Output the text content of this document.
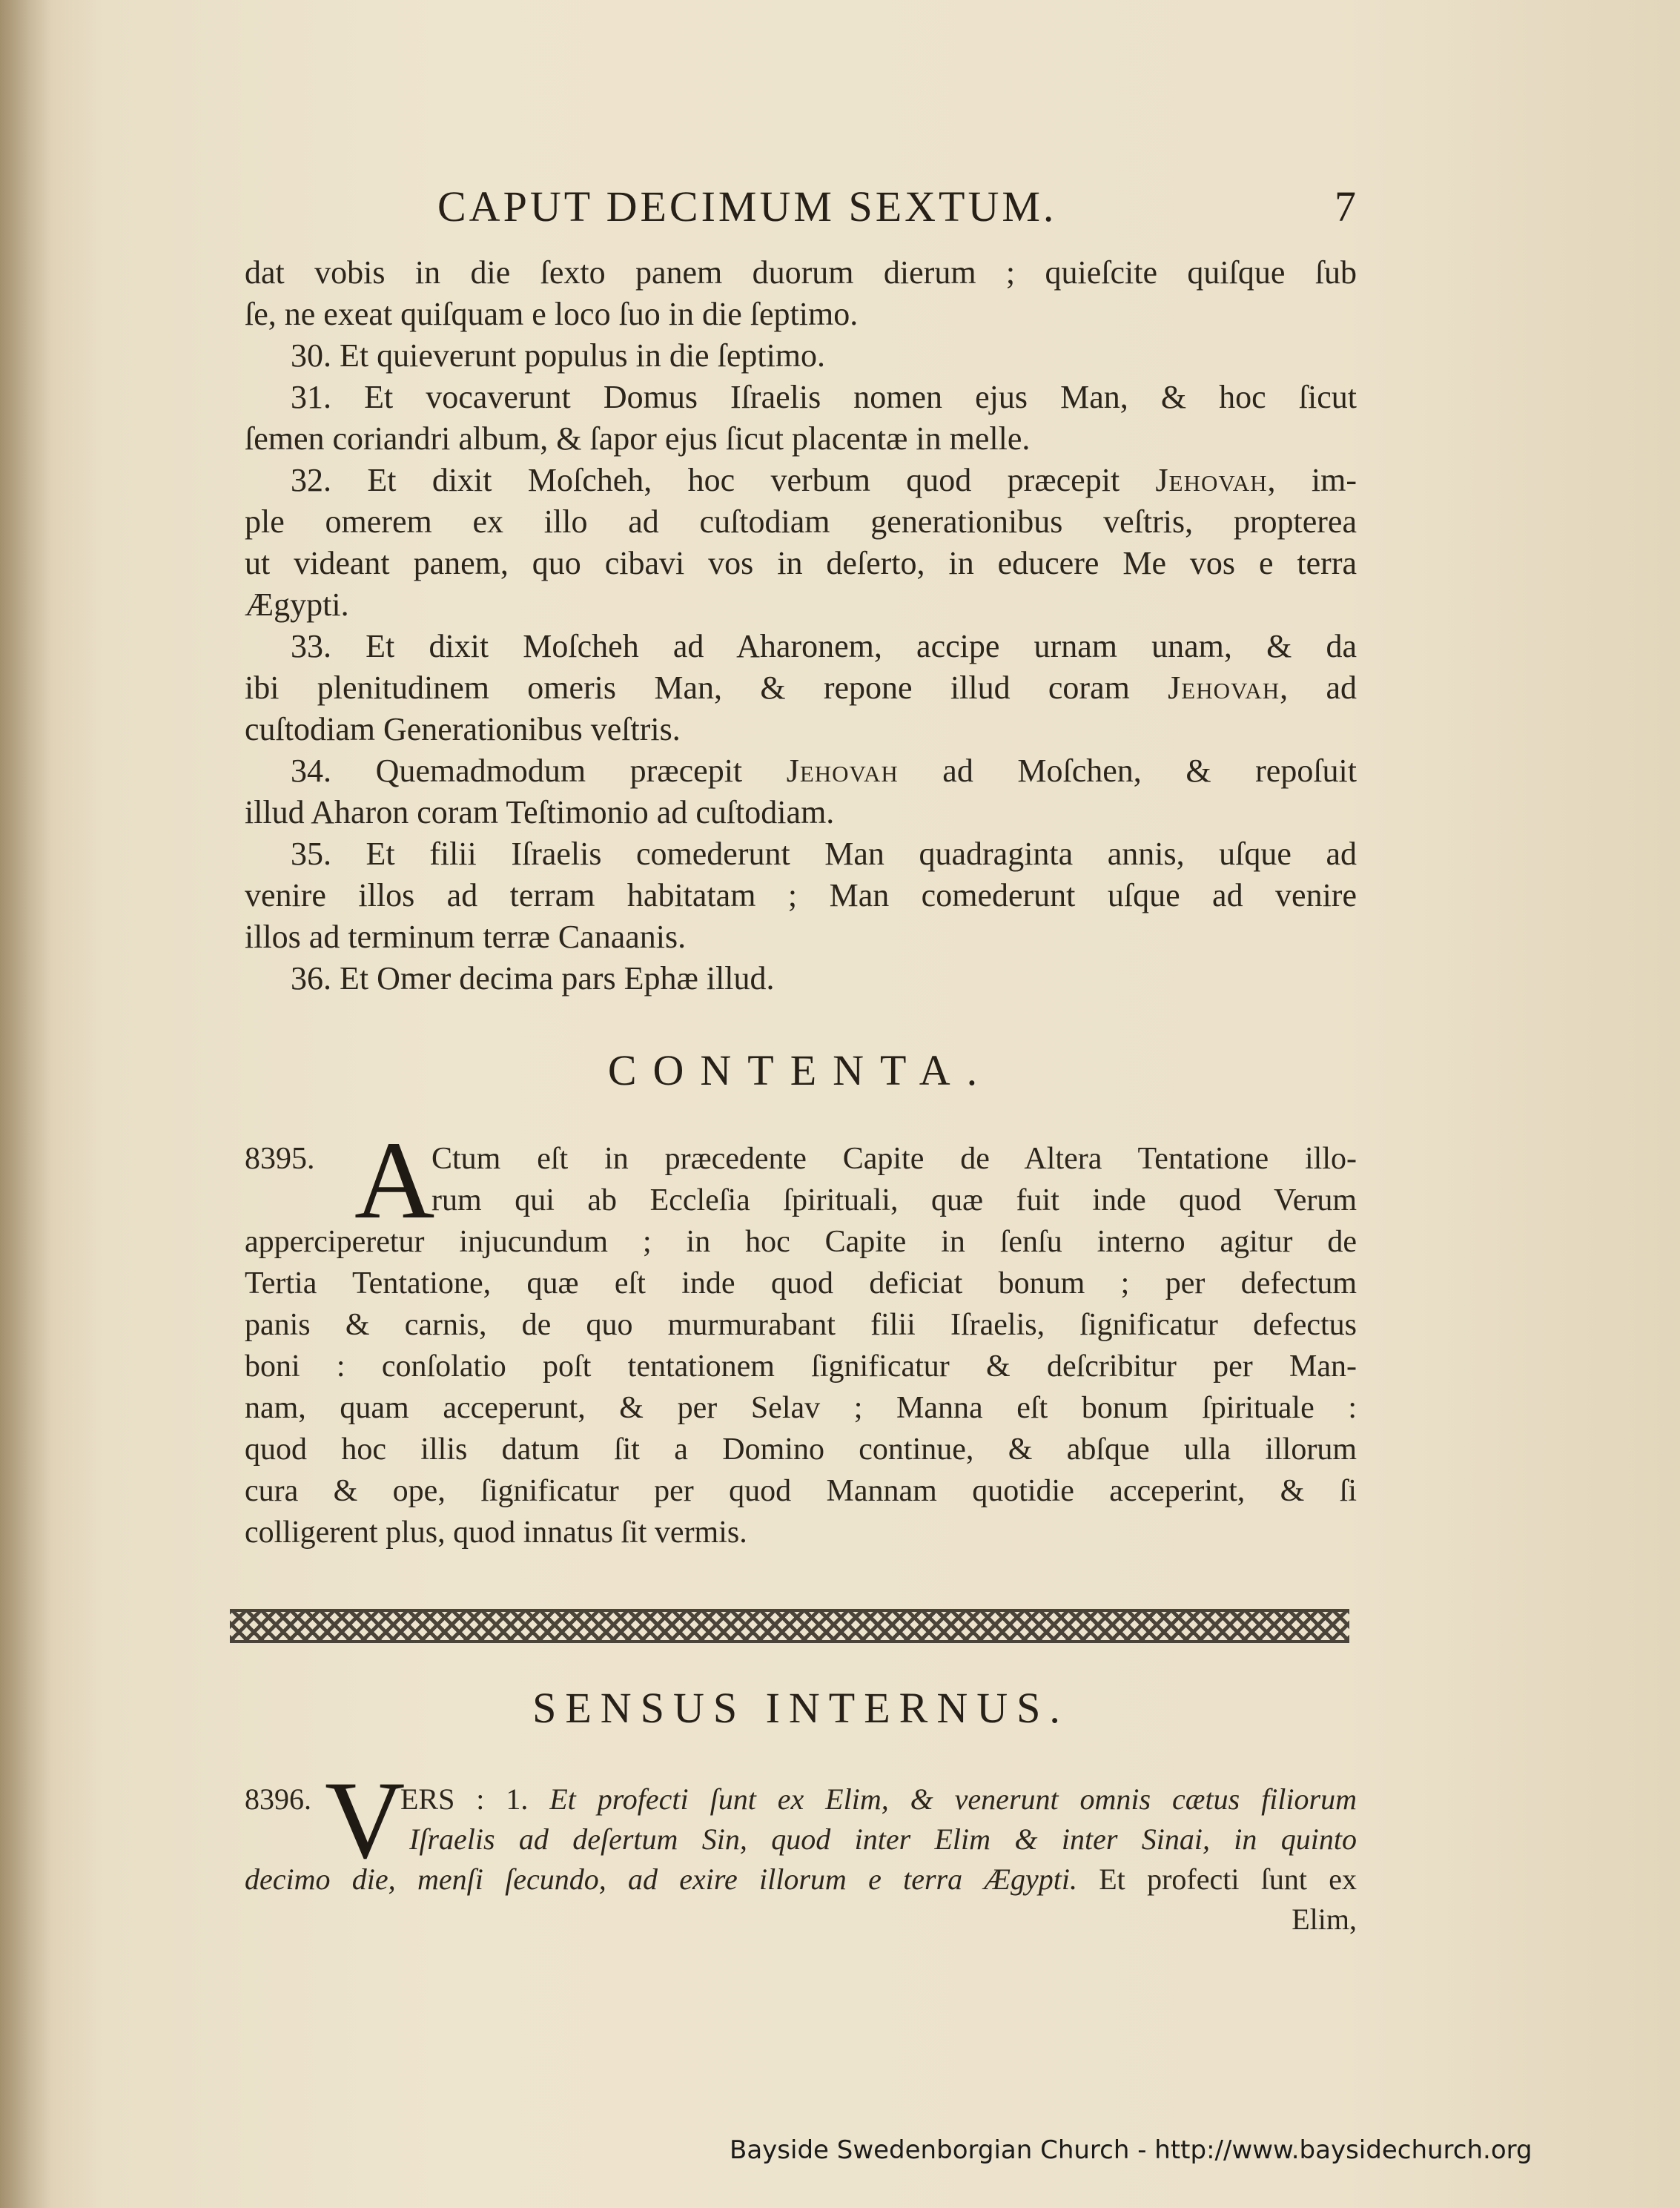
CAPUT DECIMUM SEXTUM.	7
dat vobis in die ſexto panem duorum dierum ; quieſcite quiſque ſub
ſe, ne exeat quiſquam e loco ſuo in die ſeptimo.
30. Et quieverunt populus in die ſeptimo.
31. Et vocaverunt Domus Iſraelis nomen ejus Man, & hoc ſicut
ſemen coriandri album, & ſapor ejus ſicut placentæ in melle.
32. Et dixit Moſcheh, hoc verbum quod præcepit Jehovah, im-
ple omerem ex illo ad cuſtodiam generationibus veſtris, propterea
ut videant panem, quo cibavi vos in deſerto, in educere Me vos e terra
Ægypti.
33. Et dixit Moſcheh ad Aharonem, accipe urnam unam, & da
ibi plenitudinem omeris Man, & repone illud coram Jehovah, ad
cuſtodiam Generationibus veſtris.
34. Quemadmodum præcepit Jehovah ad Moſchen, & repoſuit
illud Aharon coram Teſtimonio ad cuſtodiam.
35. Et filii Iſraelis comederunt Man quadraginta annis, uſque ad
venire illos ad terram habitatam ; Man comederunt uſque ad venire
illos ad terminum terræ Canaanis.
36. Et Omer decima pars Ephæ illud.
CONTENTA.
8395. A
Ctum eſt in præcedente Capite de Altera Tentatione illo-
rum qui ab Eccleſia ſpirituali, quæ fuit inde quod Verum
apperciperetur injucundum ; in hoc Capite in ſenſu interno agitur de
Tertia Tentatione, quæ eſt inde quod deficiat bonum ; per defectum
panis & carnis, de quo murmurabant filii Iſraelis, ſignificatur defectus
boni : conſolatio poſt tentationem ſignificatur & deſcribitur per Man-
nam, quam acceperunt, & per Selav ; Manna eſt bonum ſpirituale :
quod hoc illis datum ſit a Domino continue, & abſque ulla illorum
cura & ope, ſignificatur per quod Mannam quotidie acceperint, & ſi
colligerent plus, quod innatus ſit vermis.
SENSUS INTERNUS.
8396. V
ERS : 1. Et profecti ſunt ex Elim, & venerunt omnis cætus filiorum
Iſraelis ad deſertum Sin, quod inter Elim & inter Sinai, in quinto
decimo die, menſi ſecundo, ad exire illorum e terra Ægypti. Et profecti ſunt ex
Elim,
Bayside Swedenborgian Church - http://www.baysidechurch.org
